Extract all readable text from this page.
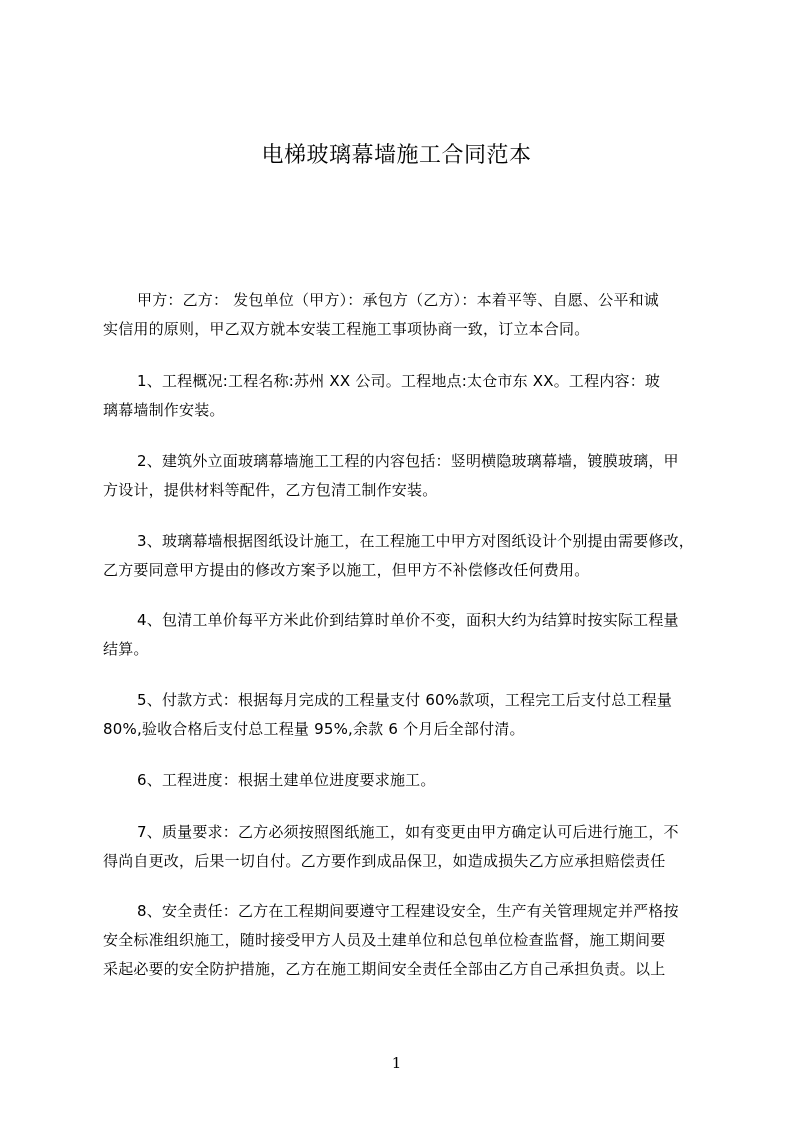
电梯玻璃幕墙施工合同范本
甲方：乙方： 发包单位（甲方）：承包方（乙方）：本着平等、自愿、公平和诚
实信用的原则，甲乙双方就本安装工程施工事项协商一致，订立本合同。
1、工程概况:工程名称:苏州 XX 公司。工程地点:太仓市东 XX。工程内容：玻
璃幕墙制作安装。
2、建筑外立面玻璃幕墙施工工程的内容包括：竖明横隐玻璃幕墙，镀膜玻璃，甲
方设计，提供材料等配件，乙方包清工制作安装。
3、玻璃幕墙根据图纸设计施工，在工程施工中甲方对图纸设计个别提由需要修改，
乙方要同意甲方提由的修改方案予以施工，但甲方不补偿修改任何费用。
4、包清工单价每平方米此价到结算时单价不变，面积大约为结算时按实际工程量
结算。
5、付款方式：根据每月完成的工程量支付 60%款项，工程完工后支付总工程量
80%,验收合格后支付总工程量 95%,余款 6 个月后全部付清。
6、工程进度：根据土建单位进度要求施工。
7、质量要求：乙方必须按照图纸施工，如有变更由甲方确定认可后进行施工，不
得尚自更改，后果一切自付。乙方要作到成品保卫，如造成损失乙方应承担赔偿责任
8、安全责任：乙方在工程期间要遵守工程建设安全，生产有关管理规定并严格按
安全标准组织施工，随时接受甲方人员及土建单位和总包单位检查监督，施工期间要
采起必要的安全防护措施，乙方在施工期间安全责任全部由乙方自己承担负责。以上
1
